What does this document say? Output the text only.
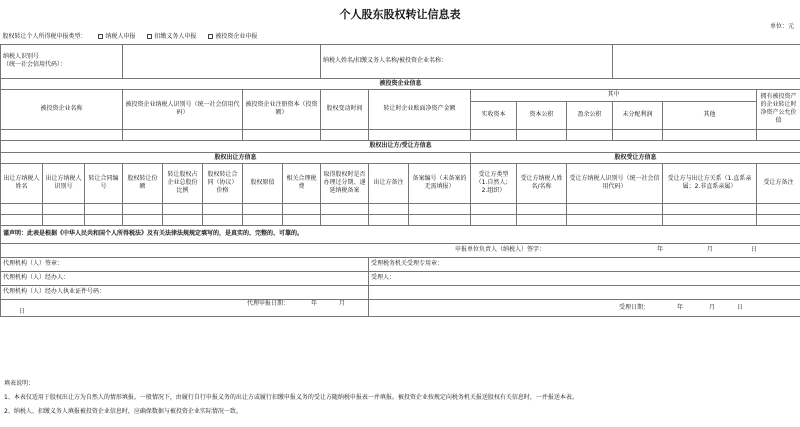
个人股东股权转让信息表
单位：元
股权转让个人所得税申报类型： 纳税人申报 扣缴义务人申报 被投资企业申报																

纳税人识别号
（统一社会信用代码）：								纳税人姓名/扣缴义务人名称/被投资企业名称：								
被投资企业信息																
被投资企业名称			被投资企业纳税人识别号（统一社会信用代码）			被投资企业注册资本（投资额）		股权变动时间	转让时企业账面净资产金额		其中					拥有被投资产的企业转让时净资产公允价值
											实收资本	资本公积	盈余公积	未分配利润	其他	

股权出让方/受让方信息																
股权出让方信息											股权受让方信息					
出让方纳税人姓名	出让方纳税人识别号	转让合同编号	股权转让份额	转让股权占企业总股份比例	股权转让合同（协议）价格	股权原值	相关合理税费	取得股权时是否办理过分期、递延纳税备案	出让方备注	备案编号（未备案的无需填报）	受让方类型（1.自然人；2.组织）	受让方纳税人姓名/名称	受让方纳税人识别号（统一社会信用代码）		受让方与出让方关系（1.直系亲属；2.非直系亲属）	受让方备注

谨声明：此表是根据《中华人民共和国个人所得税法》及有关法律法规规定填写的，是真实的、完整的、可靠的。																
申报单位负责人（纳税人）签字： 年 月 日																
代理机构（人）签章：									受理税务机关受理专用章：							
代理机构（人）经办人：									受理人：							
代理机构（人）经办人执业证件号码：																
代理申报日期： 年 月 日									受理日期： 年 月 日							
填表说明：
1、本表仅适用于股权出让方为自然人的情形填报。一般情况下，由履行自行申报义务的出让方或履行扣缴申报义务的受让方随纳税申报表一并填报。被投资企业按规定向税务机关报送股权有关信息时，一并报送本表。
2、纳税人、扣缴义务人填报被投资企业信息时，应确保数据与被投资企业实际情况一致。
